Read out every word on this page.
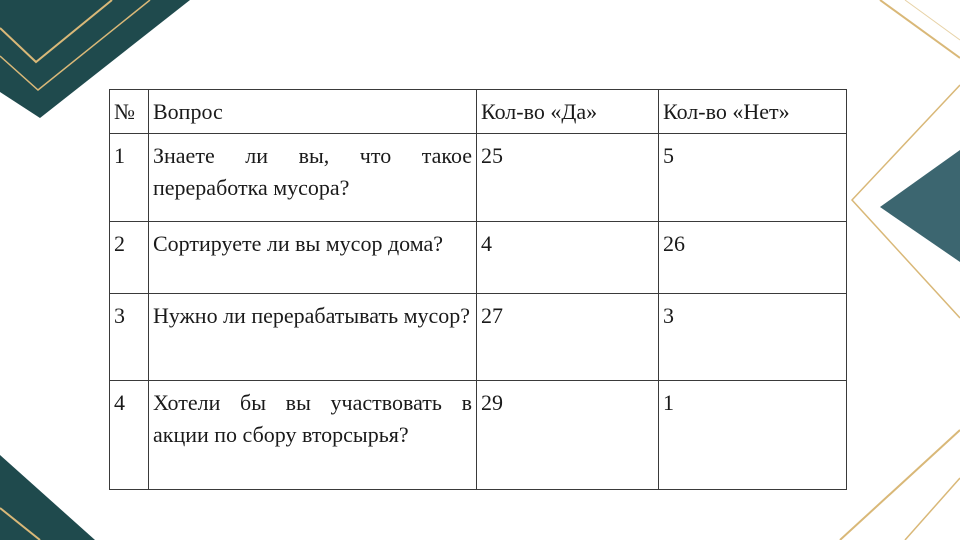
№	Вопрос	Кол-во «Да»	Кол-во «Нет»
1	Знаете ли вы, что такое переработка мусора?	25	5
2	Сортируете ли вы мусор дома?	4	26
3	Нужно ли перерабатывать мусор?	27	3
4	Хотели бы вы участвовать в акции по сбору вторсырья?	29	1
